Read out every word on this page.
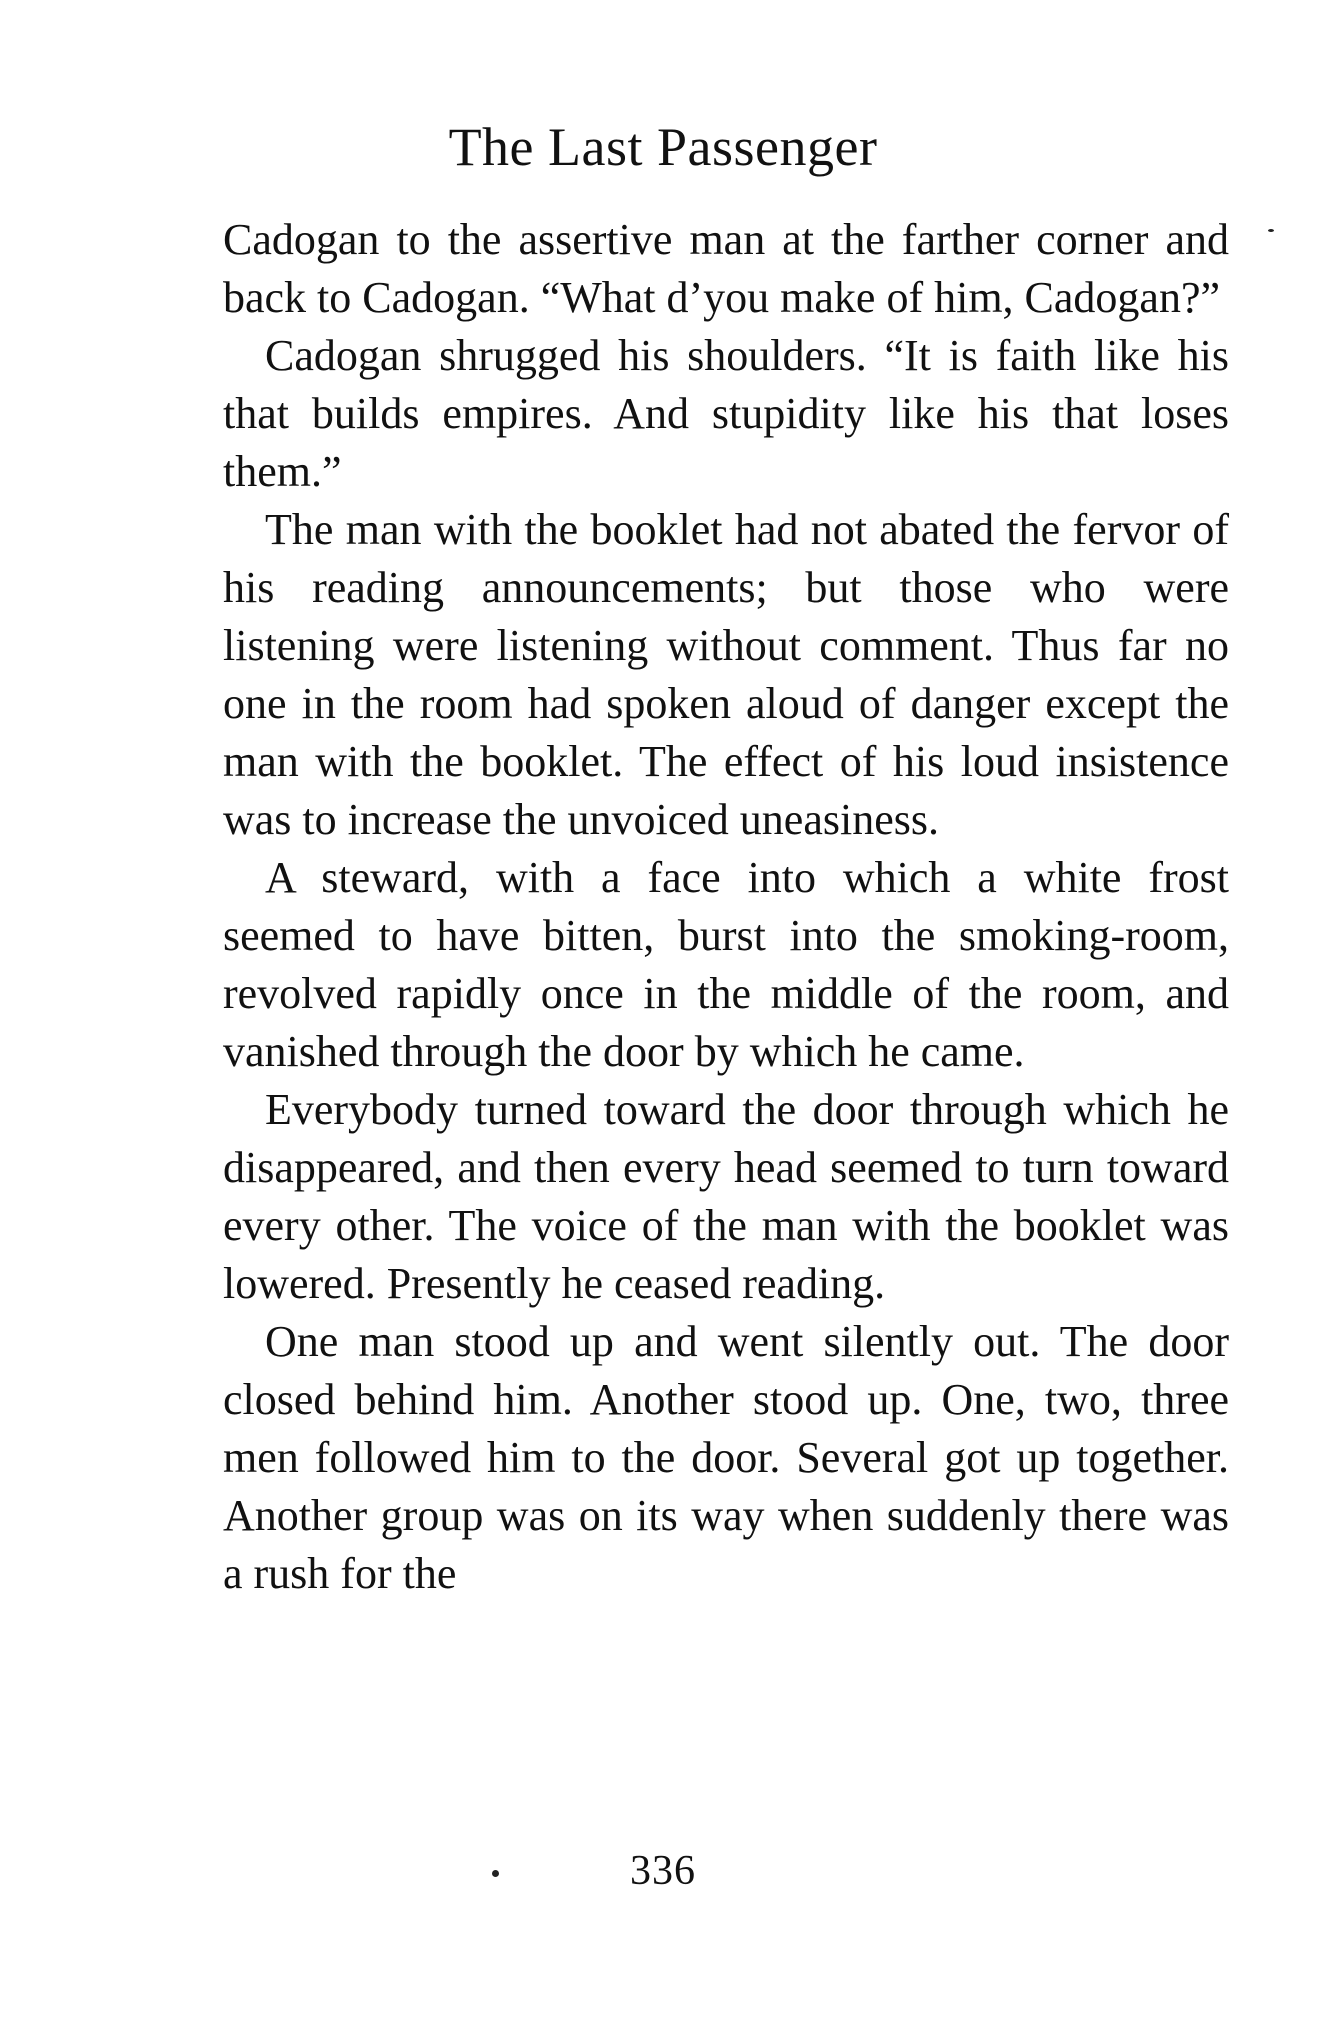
The Last Passenger

Cadogan to the assertive man at the farther corner and back to Cadogan. “What d’you make of him, Cadogan?”

Cadogan shrugged his shoulders. “It is faith like his that builds empires. And stupidity like his that loses them.”

The man with the booklet had not abated the fervor of his reading announcements; but those who were listening were listening without comment. Thus far no one in the room had spoken aloud of danger except the man with the booklet. The effect of his loud insistence was to increase the unvoiced uneasiness.

A steward, with a face into which a white frost seemed to have bitten, burst into the smoking-room, revolved rapidly once in the middle of the room, and vanished through the door by which he came.

Everybody turned toward the door through which he disappeared, and then every head seemed to turn toward every other. The voice of the man with the booklet was lowered. Presently he ceased reading.

One man stood up and went silently out. The door closed behind him. Another stood up. One, two, three men followed him to the door. Several got up together. Another group was on its way when suddenly there was a rush for the

336
